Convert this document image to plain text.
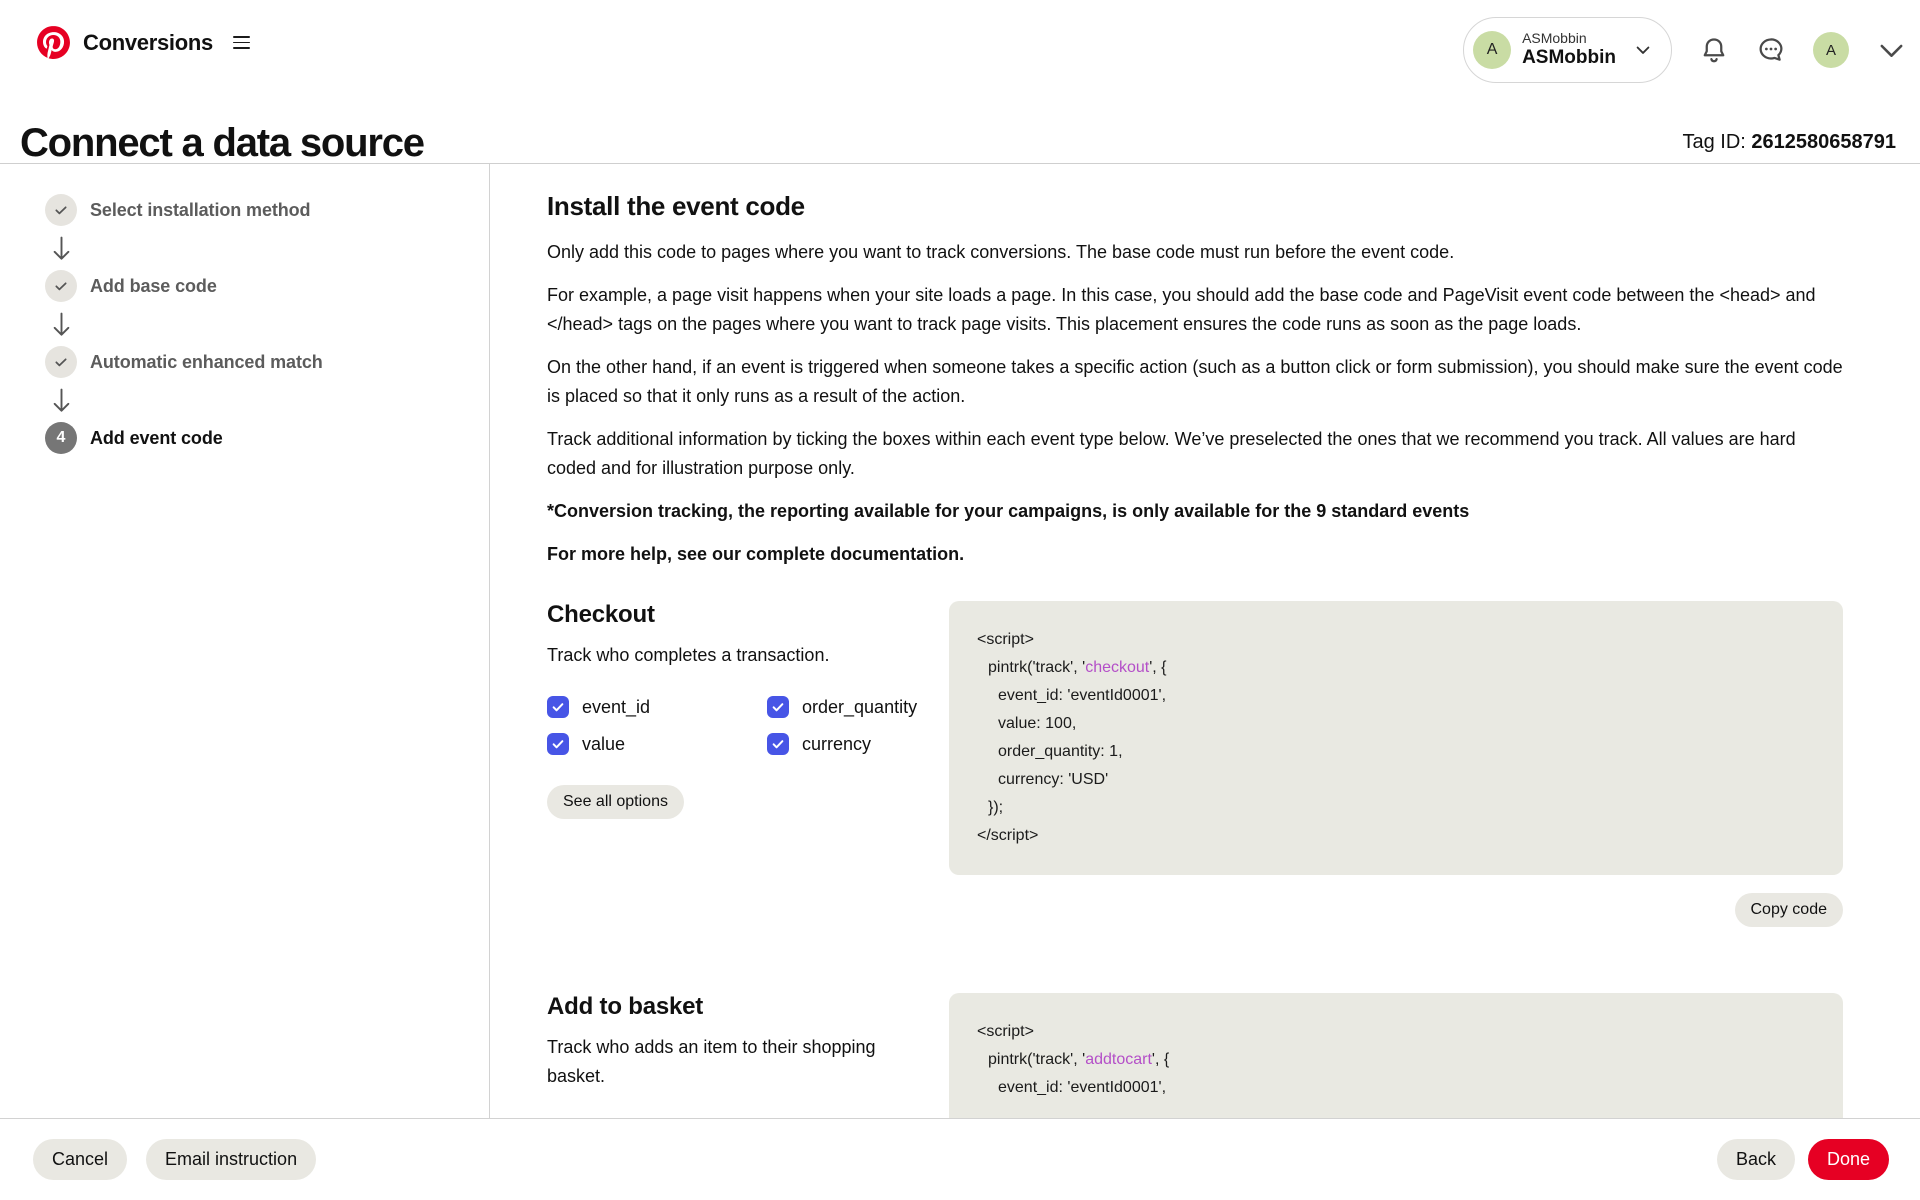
Conversions	A
ASMobbin
ASMobbin	A
Connect a data source	Tag ID: 2612580658791
Select installation method
Add base code
Automatic enhanced match
4	Add event code
Install the event code

Only add this code to pages where you want to track conversions. The base code must run before the event code.

For example, a page visit happens when your site loads a page. In this case, you should add the base code and PageVisit event code between the <head> and </head> tags on the pages where you want to track page visits. This placement ensures the code runs as soon as the page loads.

On the other hand, if an event is triggered when someone takes a specific action (such as a button click or form submission), you should make sure the event code is placed so that it only runs as a result of the action.

Track additional information by ticking the boxes within each event type below. We’ve preselected the ones that we recommend you track. All values are hard coded and for illustration purpose only.

*Conversion tracking, the reporting available for your campaigns, is only available for the 9 standard events

For more help, see our complete documentation.

Checkout

Track who completes a transaction.

event_id	order_quantity
value	currency
See all options
<script>
pintrk('track', 'checkout', {
event_id: 'eventId0001',
value: 100,
order_quantity: 1,
currency: 'USD'
});
</script>
Copy code
Add to basket

Track who adds an item to their shopping basket.

<script>
pintrk('track', 'addtocart', {
event_id: 'eventId0001',
Cancel	Email instruction	Back	Done
